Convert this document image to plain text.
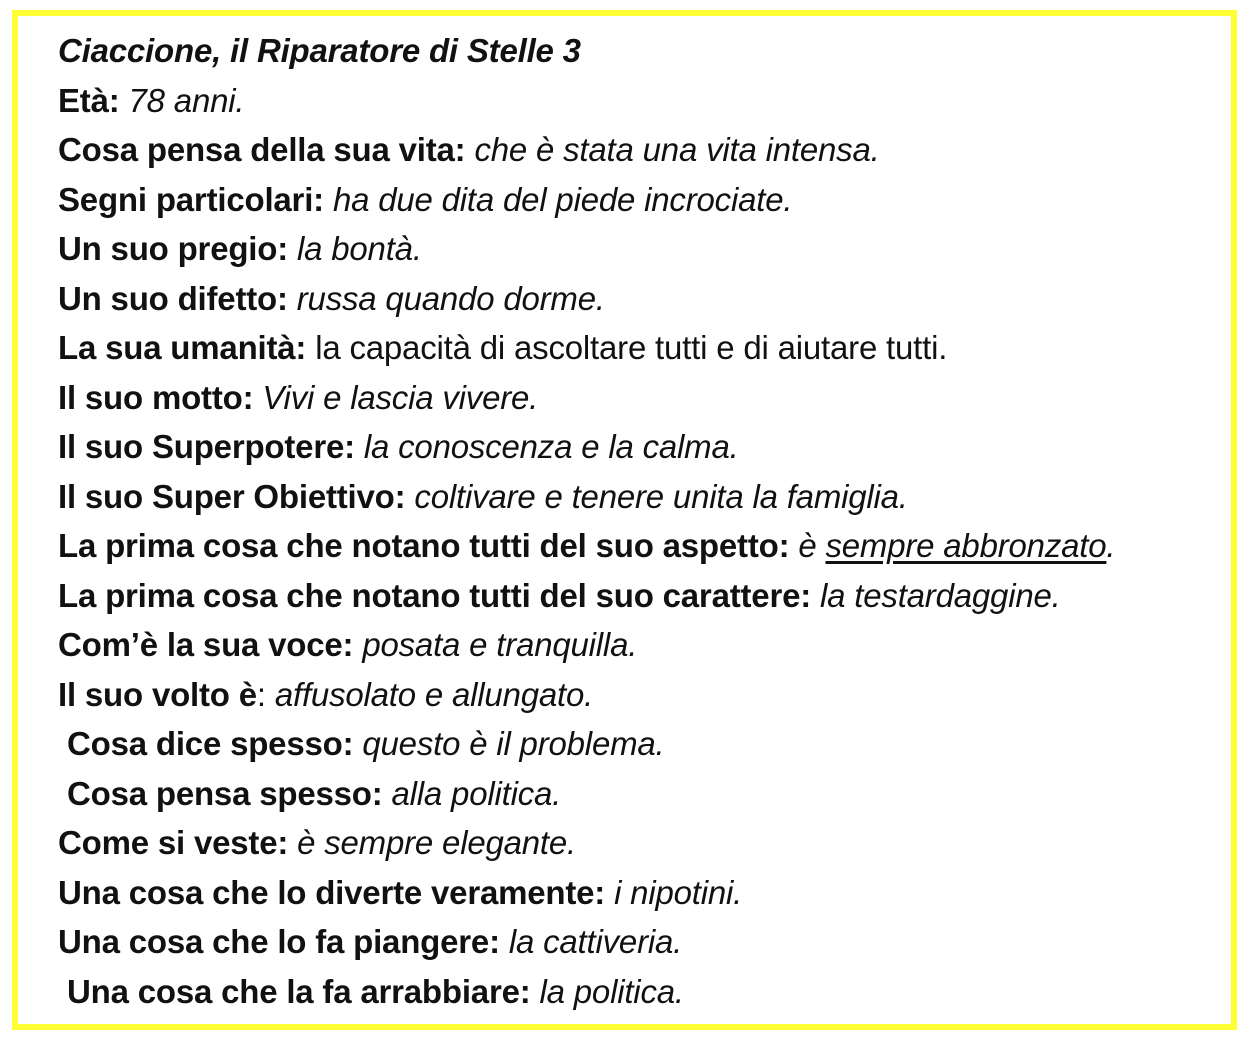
Ciaccione, il Riparatore di Stelle 3
Età: 78 anni.
Cosa pensa della sua vita: che è stata una vita intensa.
Segni particolari: ha due dita del piede incrociate.
Un suo pregio: la bontà.
Un suo difetto: russa quando dorme.
La sua umanità: la capacità di ascoltare tutti e di aiutare tutti.
Il suo motto: Vivi e lascia vivere.
Il suo Superpotere: la conoscenza e la calma.
Il suo Super Obiettivo: coltivare e tenere unita la famiglia.
La prima cosa che notano tutti del suo aspetto: è sempre abbronzato.
La prima cosa che notano tutti del suo carattere: la testardaggine.
Com’è la sua voce: posata e tranquilla.
Il suo volto è: affusolato e allungato.
Cosa dice spesso: questo è il problema.
Cosa pensa spesso: alla politica.
Come si veste: è sempre elegante.
Una cosa che lo diverte veramente: i nipotini.
Una cosa che lo fa piangere: la cattiveria.
Una cosa che la fa arrabbiare: la politica.
